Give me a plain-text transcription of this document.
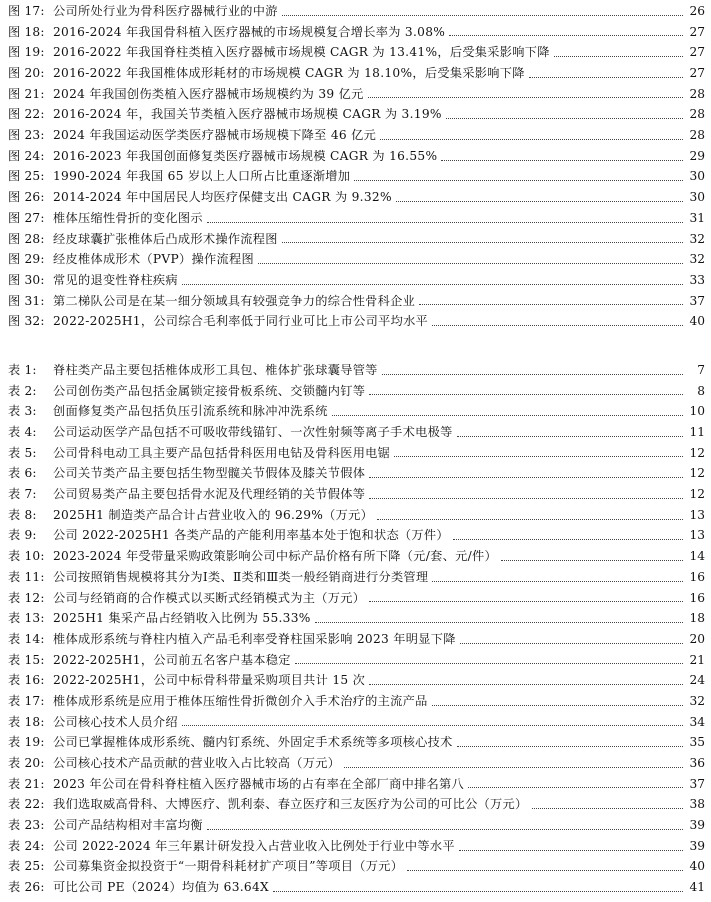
图 17: 公司所处行业为骨科医疗器械行业的中游	26
图 18: 2016-2024 年我国骨科植入医疗器械的市场规模复合增长率为 3.08%	27
图 19: 2016-2022 年我国脊柱类植入医疗器械市场规模 CAGR 为 13.41%，后受集采影响下降	27
图 20: 2016-2022 年我国椎体成形耗材的市场规模 CAGR 为 18.10%，后受集采影响下降	27
图 21: 2024 年我国创伤类植入医疗器械市场规模约为 39 亿元	28
图 22: 2016-2024 年，我国关节类植入医疗器械市场规模 CAGR 为 3.19%	28
图 23: 2024 年我国运动医学类医疗器械市场规模下降至 46 亿元	28
图 24: 2016-2023 年我国创面修复类医疗器械市场规模 CAGR 为 16.55%	29
图 25: 1990-2024 年我国 65 岁以上人口所占比重逐渐增加	30
图 26: 2014-2024 年中国居民人均医疗保健支出 CAGR 为 9.32%	30
图 27: 椎体压缩性骨折的变化图示	31
图 28: 经皮球囊扩张椎体后凸成形术操作流程图	32
图 29: 经皮椎体成形术（PVP）操作流程图	32
图 30: 常见的退变性脊柱疾病	33
图 31: 第二梯队公司是在某一细分领域具有较强竞争力的综合性骨科企业	37
图 32: 2022-2025H1，公司综合毛利率低于同行业可比上市公司平均水平	40
表 1:	脊柱类产品主要包括椎体成形工具包、椎体扩张球囊导管等	7
表 2:	公司创伤类产品包括金属锁定接骨板系统、交锁髓内钉等	8
表 3:	创面修复类产品包括负压引流系统和脉冲冲洗系统	10
表 4:	公司运动医学产品包括不可吸收带线锚钉、一次性射频等离子手术电极等	11
表 5:	公司骨科电动工具主要产品包括骨科医用电钻及骨科医用电锯	12
表 6:	公司关节类产品主要包括生物型髋关节假体及膝关节假体	12
表 7:	公司贸易类产品主要包括骨水泥及代理经销的关节假体等	12
表 8:	2025H1 制造类产品合计占营业收入的 96.29%（万元）	13
表 9:	公司 2022-2025H1 各类产品的产能利用率基本处于饱和状态（万件）	13
表 10: 2023-2024 年受带量采购政策影响公司中标产品价格有所下降（元/套、元/件）	14
表 11: 公司按照销售规模将其分为Ⅰ类、Ⅱ类和Ⅲ类一般经销商进行分类管理	16
表 12: 公司与经销商的合作模式以买断式经销模式为主（万元）	16
表 13: 2025H1 集采产品占经销收入比例为 55.33%	18
表 14: 椎体成形系统与脊柱内植入产品毛利率受脊柱国采影响 2023 年明显下降	20
表 15: 2022-2025H1，公司前五名客户基本稳定	21
表 16: 2022-2025H1，公司中标骨科带量采购项目共计 15 次	24
表 17: 椎体成形系统是应用于椎体压缩性骨折微创介入手术治疗的主流产品	32
表 18: 公司核心技术人员介绍	34
表 19: 公司已掌握椎体成形系统、髓内钉系统、外固定手术系统等多项核心技术	35
表 20: 公司核心技术产品贡献的营业收入占比较高（万元）	36
表 21: 2023 年公司在骨科脊柱植入医疗器械市场的占有率在全部厂商中排名第八	37
表 22: 我们选取威高骨科、大博医疗、凯利泰、春立医疗和三友医疗为公司的可比公（万元）	38
表 23: 公司产品结构相对丰富均衡	39
表 24: 公司 2022-2024 年三年累计研发投入占营业收入比例处于行业中等水平	39
表 25: 公司募集资金拟投资于“一期骨科耗材扩产项目”等项目（万元）	40
表 26: 可比公司 PE（2024）均值为 63.64X	41
